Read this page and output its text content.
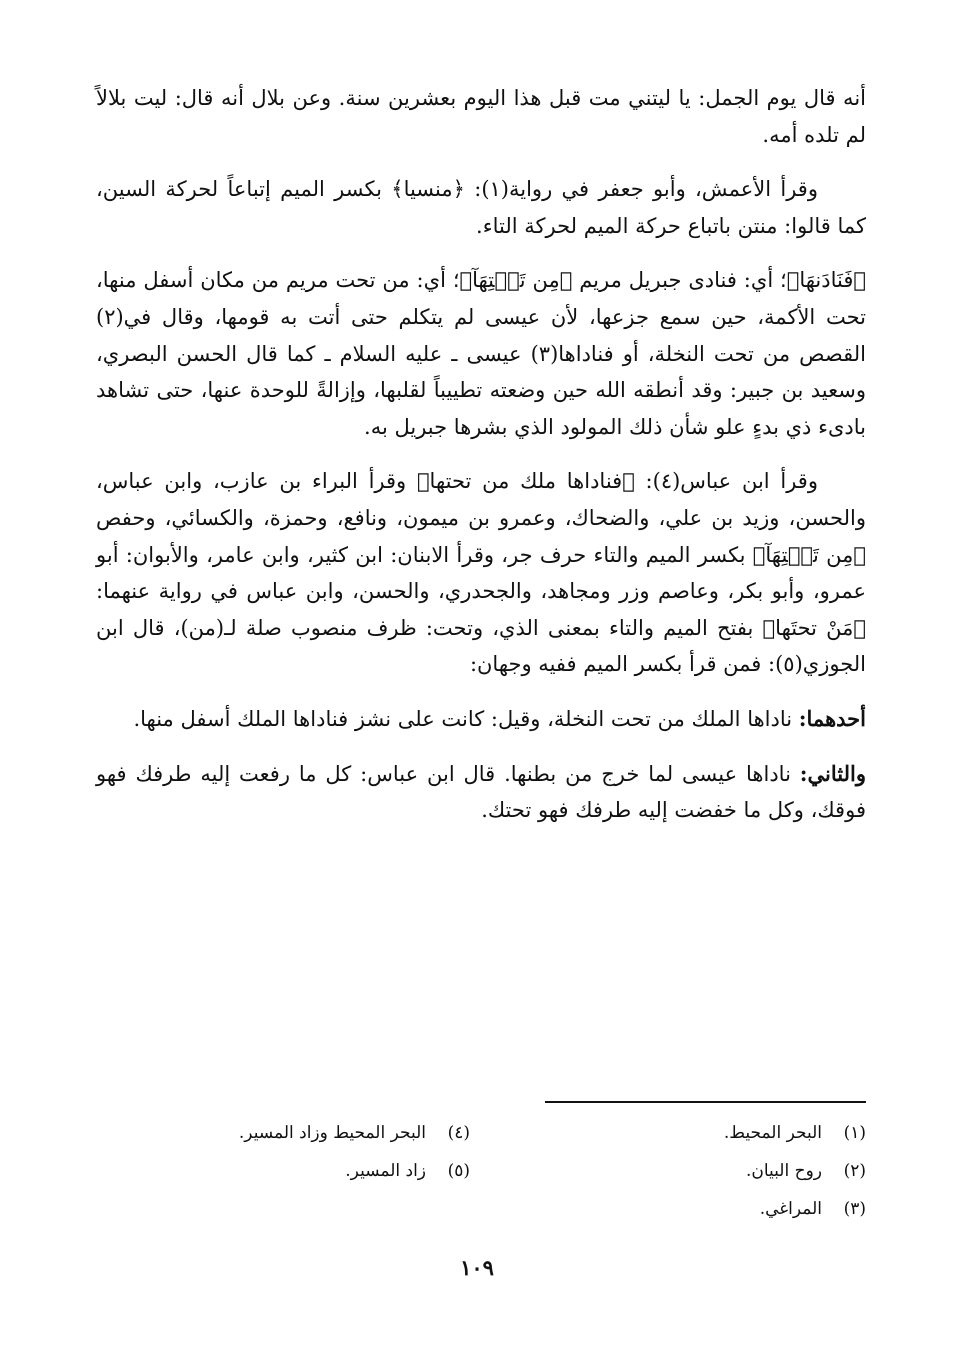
أنه قال يوم الجمل: يا ليتني مت قبل هذا اليوم بعشرين سنة. وعن بلال أنه قال: ليت بلالاً لم تلده أمه.

وقرأ الأعمش، وأبو جعفر في رواية(١): ﴿منسيا﴾ بكسر الميم إتباعاً لحركة السين، كما قالوا: منتن باتباع حركة الميم لحركة التاء.

﴿فَنَادَنهَا﴾؛ أي: فنادى جبريل مريم ﴿مِن تَحۡتِهَآ﴾؛ أي: من تحت مريم من مكان أسفل منها، تحت الأكمة، حين سمع جزعها، لأن عيسى لم يتكلم حتى أتت به قومها، وقال في(٢) القصص من تحت النخلة، أو فناداها(٣) عيسى ـ عليه السلام ـ كما قال الحسن البصري، وسعيد بن جبير: وقد أنطقه الله حين وضعته تطييباً لقلبها، وإزالةً للوحدة عنها، حتى تشاهد بادىء ذي بدءٍ علو شأن ذلك المولود الذي بشرها جبريل به.

وقرأ ابن عباس(٤): ﴿فناداها ملك من تحتها﴾ وقرأ البراء بن عازب، وابن عباس، والحسن، وزيد بن علي، والضحاك، وعمرو بن ميمون، ونافع، وحمزة، والكسائي، وحفص ﴿مِن تَحۡتِهَآ﴾ بكسر الميم والتاء حرف جر، وقرأ الابنان: ابن كثير، وابن عامر، والأبوان: أبو عمرو، وأبو بكر، وعاصم وزر ومجاهد، والجحدري، والحسن، وابن عباس في رواية عنهما: ﴿مَنْ تحتَها﴾ بفتح الميم والتاء بمعنى الذي، وتحت: ظرف منصوب صلة لـ(من)، قال ابن الجوزي(٥): فمن قرأ بكسر الميم ففيه وجهان:

أحدهما: ناداها الملك من تحت النخلة، وقيل: كانت على نشز فناداها الملك أسفل منها.

والثاني: ناداها عيسى لما خرج من بطنها. قال ابن عباس: كل ما رفعت إليه طرفك فهو فوقك، وكل ما خفضت إليه طرفك فهو تحتك.

(١)البحر المحيط.
(٢)روح البيان.
(٣)المراغي.
(٤)البحر المحيط وزاد المسير.
(٥)زاد المسير.
١٠٩
